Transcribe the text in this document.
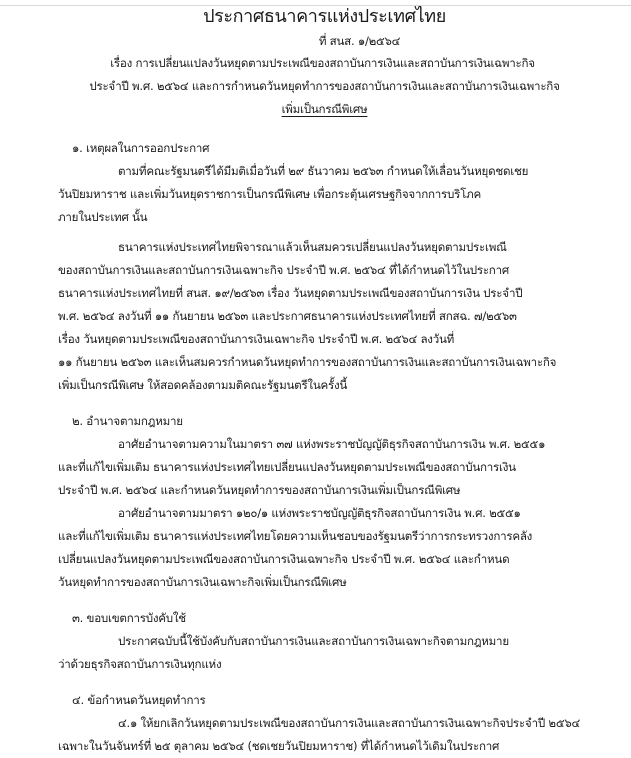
ประกาศธนาคารแห่งประเทศไทย
ที่ สนส. ๑/๒๕๖๔
เรื่อง การเปลี่ยนแปลงวันหยุดตามประเพณีของสถาบันการเงินและสถาบันการเงินเฉพาะกิจ
ประจำปี พ.ศ. ๒๕๖๔ และการกำหนดวันหยุดทำการของสถาบันการเงินและสถาบันการเงินเฉพาะกิจ
เพิ่มเป็นกรณีพิเศษ
๑. เหตุผลในการออกประกาศ
ตามที่คณะรัฐมนตรีได้มีมติเมื่อวันที่ ๒๙ ธันวาคม ๒๕๖๓ กำหนดให้เลื่อนวันหยุดชดเชย
วันปิยมหาราช และเพิ่มวันหยุดราชการเป็นกรณีพิเศษ เพื่อกระตุ้นเศรษฐกิจจากการบริโภค
ภายในประเทศ นั้น
ธนาคารแห่งประเทศไทยพิจารณาแล้วเห็นสมควรเปลี่ยนแปลงวันหยุดตามประเพณี
ของสถาบันการเงินและสถาบันการเงินเฉพาะกิจ ประจำปี พ.ศ. ๒๕๖๔ ที่ได้กำหนดไว้ในประกาศ
ธนาคารแห่งประเทศไทยที่ สนส. ๑๙/๒๕๖๓ เรื่อง วันหยุดตามประเพณีของสถาบันการเงิน ประจำปี
พ.ศ. ๒๕๖๔ ลงวันที่ ๑๑ กันยายน ๒๕๖๓ และประกาศธนาคารแห่งประเทศไทยที่ สกสฉ. ๗/๒๕๖๓
เรื่อง วันหยุดตามประเพณีของสถาบันการเงินเฉพาะกิจ ประจำปี พ.ศ. ๒๕๖๔ ลงวันที่
๑๑ กันยายน ๒๕๖๓ และเห็นสมควรกำหนดวันหยุดทำการของสถาบันการเงินและสถาบันการเงินเฉพาะกิจ
เพิ่มเป็นกรณีพิเศษ ให้สอดคล้องตามมติคณะรัฐมนตรีในครั้งนี้
๒. อำนาจตามกฎหมาย
อาศัยอำนาจตามความในมาตรา ๓๗ แห่งพระราชบัญญัติธุรกิจสถาบันการเงิน พ.ศ. ๒๕๕๑
และที่แก้ไขเพิ่มเติม ธนาคารแห่งประเทศไทยเปลี่ยนแปลงวันหยุดตามประเพณีของสถาบันการเงิน
ประจำปี พ.ศ. ๒๕๖๔ และกำหนดวันหยุดทำการของสถาบันการเงินเพิ่มเป็นกรณีพิเศษ
อาศัยอำนาจตามมาตรา ๑๒๐/๑ แห่งพระราชบัญญัติธุรกิจสถาบันการเงิน พ.ศ. ๒๕๕๑
และที่แก้ไขเพิ่มเติม ธนาคารแห่งประเทศไทยโดยความเห็นชอบของรัฐมนตรีว่าการกระทรวงการคลัง
เปลี่ยนแปลงวันหยุดตามประเพณีของสถาบันการเงินเฉพาะกิจ ประจำปี พ.ศ. ๒๕๖๔ และกำหนด
วันหยุดทำการของสถาบันการเงินเฉพาะกิจเพิ่มเป็นกรณีพิเศษ
๓. ขอบเขตการบังคับใช้
ประกาศฉบับนี้ใช้บังคับกับสถาบันการเงินและสถาบันการเงินเฉพาะกิจตามกฎหมาย
ว่าด้วยธุรกิจสถาบันการเงินทุกแห่ง
๔. ข้อกำหนดวันหยุดทำการ
๔.๑ ให้ยกเลิกวันหยุดตามประเพณีของสถาบันการเงินและสถาบันการเงินเฉพาะกิจประจำปี ๒๕๖๔
เฉพาะในวันจันทร์ที่ ๒๕ ตุลาคม ๒๕๖๔ (ชดเชยวันปิยมหาราช) ที่ได้กำหนดไว้เดิมในประกาศ
